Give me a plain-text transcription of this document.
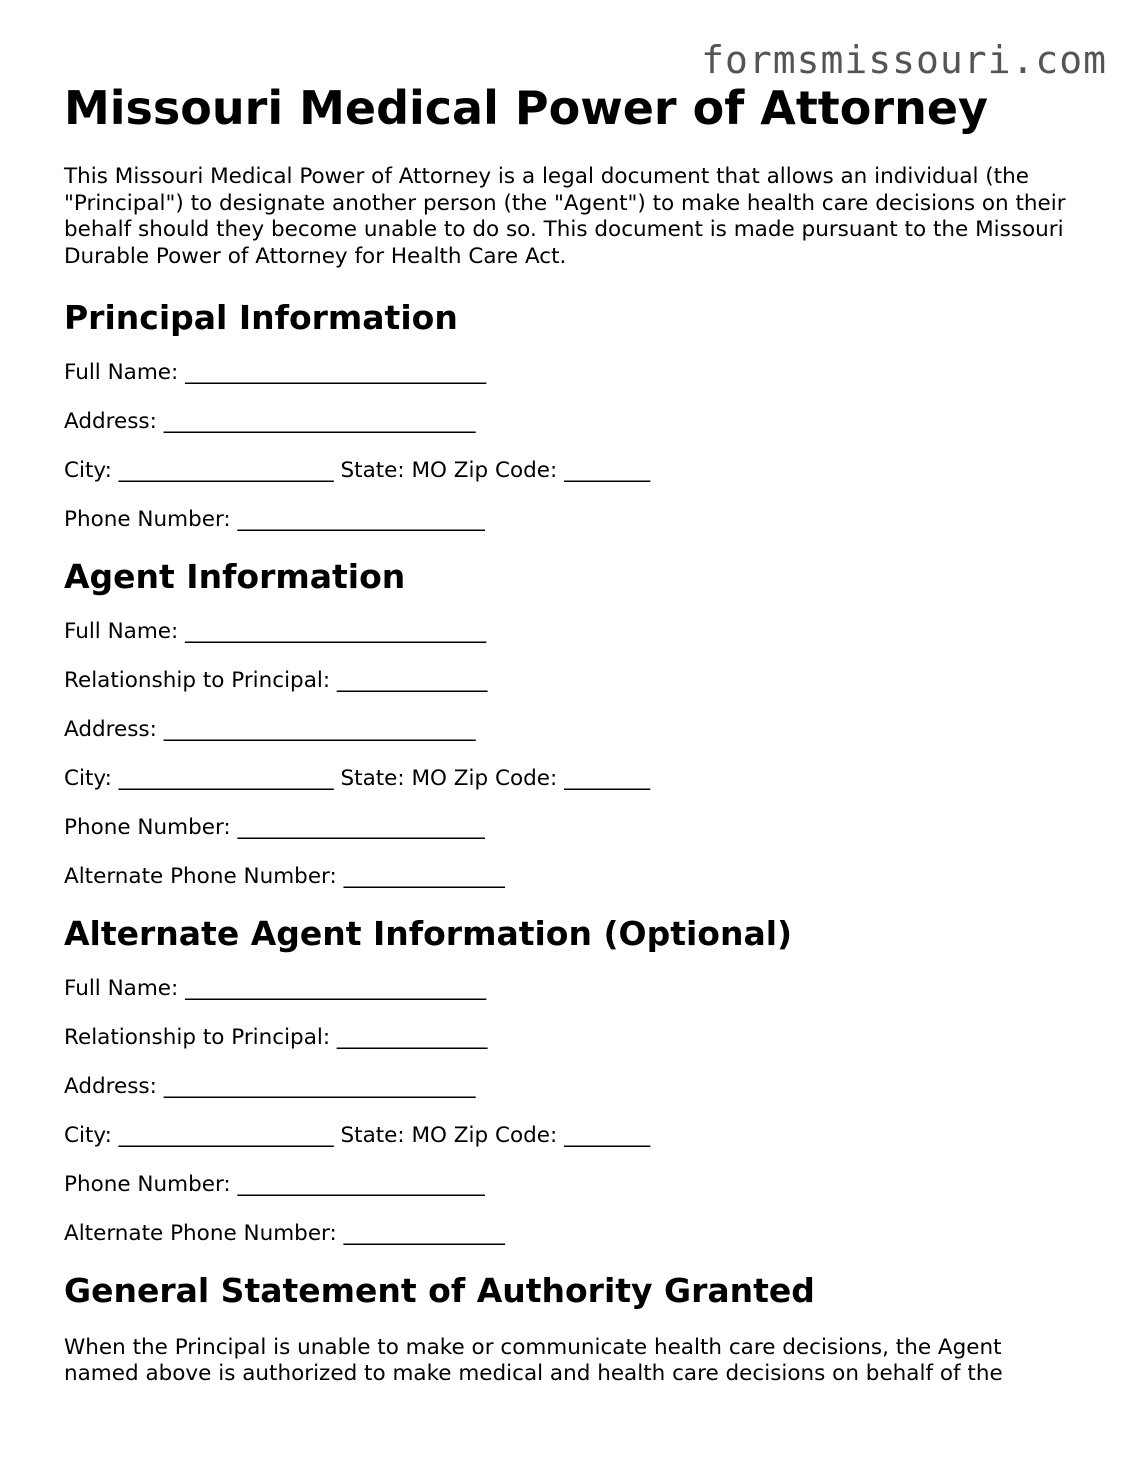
formsmissouri.com
Missouri Medical Power of Attorney

This Missouri Medical Power of Attorney is a legal document that allows an individual (the "Principal") to designate another person (the "Agent") to make health care decisions on their behalf should they become unable to do so. This document is made pursuant to the Missouri Durable Power of Attorney for Health Care Act.

Principal Information

Full Name: ____________________________

Address: _____________________________

City: ____________________ State: MO Zip Code: ________

Phone Number: _______________________

Agent Information

Full Name: ____________________________

Relationship to Principal: ______________

Address: _____________________________

City: ____________________ State: MO Zip Code: ________

Phone Number: _______________________

Alternate Phone Number: _______________

Alternate Agent Information (Optional)

Full Name: ____________________________

Relationship to Principal: ______________

Address: _____________________________

City: ____________________ State: MO Zip Code: ________

Phone Number: _______________________

Alternate Phone Number: _______________

General Statement of Authority Granted

When the Principal is unable to make or communicate health care decisions, the Agent named above is authorized to make medical and health care decisions on behalf of the
